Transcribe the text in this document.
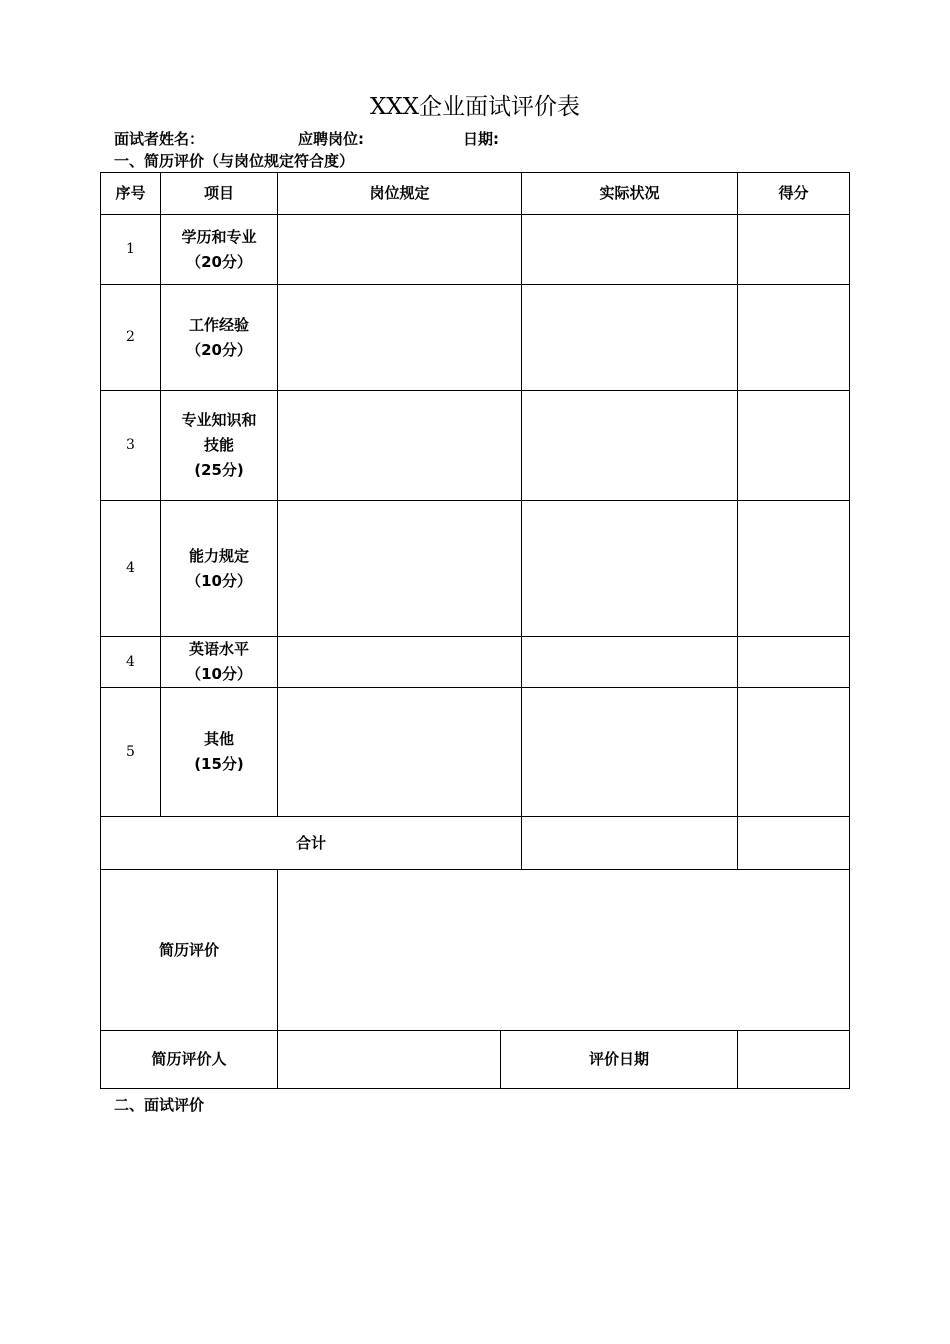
XXX企业面试评价表
面试者姓名：	应聘岗位:	日期:
一、简历评价（与岗位规定符合度）
序号	项目	岗位规定		实际状况	得分
1	学历和专业
（20分）				

2	工作经验
（20分）				

3	专业知识和技能
(25分)				

4	能力规定
（10分）				

4	英语水平
（10分）				

5	其他
(15分)				

合计					
简历评价					
简历评价人			评价日期		
二、面试评价
